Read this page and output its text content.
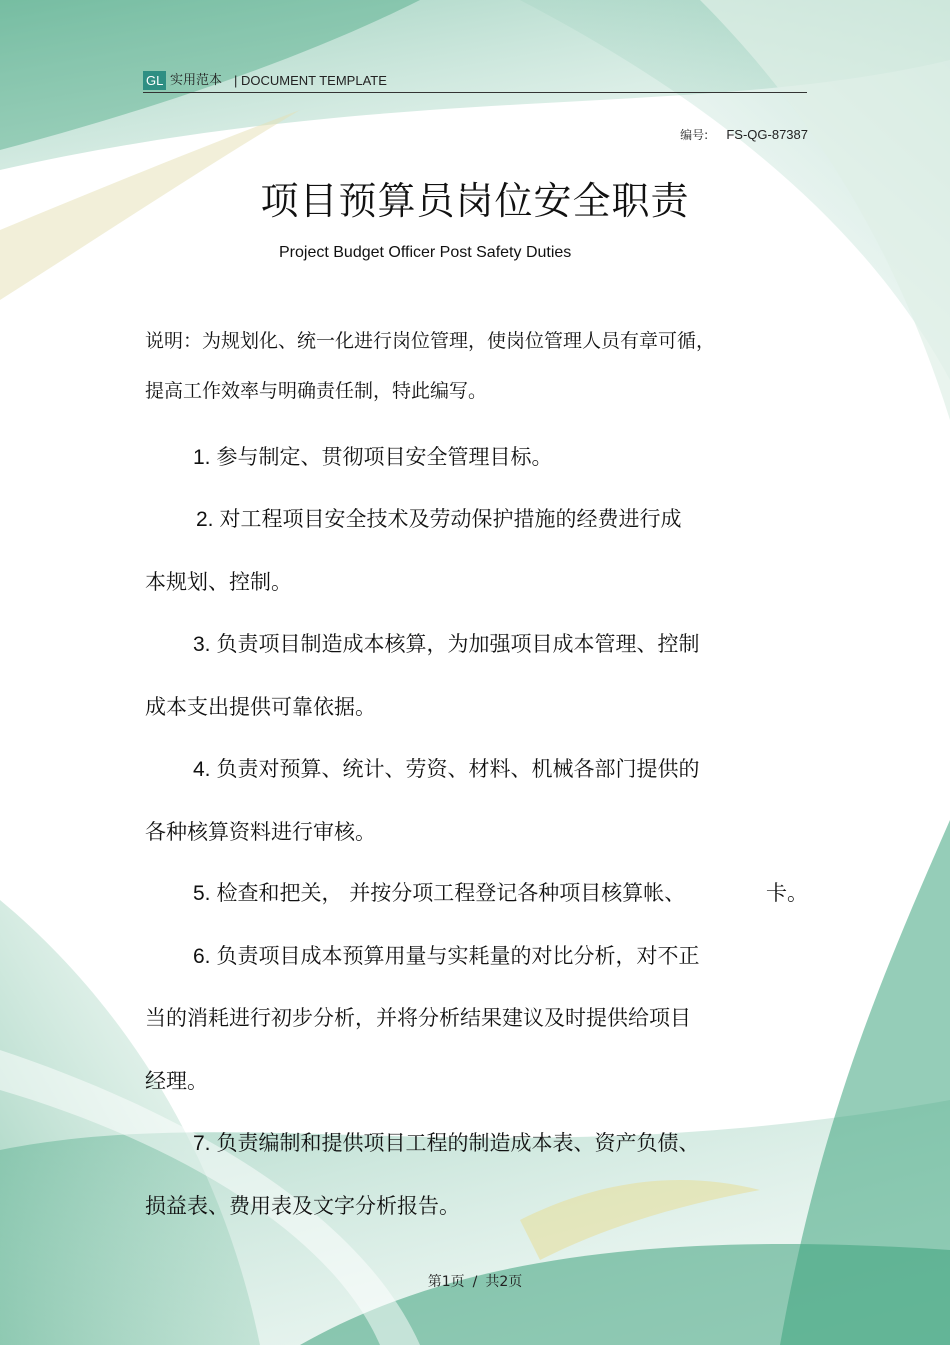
GL 实用范本 | DOCUMENT TEMPLATE
编号: FS-QG-87387
项目预算员岗位安全职责
Project Budget Officer Post Safety Duties
说明：为规划化、统一化进行岗位管理，使岗位管理人员有章可循，
提高工作效率与明确责任制，特此编写。
1. 参与制定、贯彻项目安全管理目标。
2. 对工程项目安全技术及劳动保护措施的经费进行成
本规划、控制。
3. 负责项目制造成本核算，为加强项目成本管理、控制
成本支出提供可靠依据。
4. 负责对预算、统计、劳资、材料、机械各部门提供的
各种核算资料进行审核。
5. 检查和把关， 并按分项工程登记各种项目核算帐、	卡。
6. 负责项目成本预算用量与实耗量的对比分析，对不正
当的消耗进行初步分析，并将分析结果建议及时提供给项目
经理。
7. 负责编制和提供项目工程的制造成本表、资产负债、
损益表、费用表及文字分析报告。
第1页 / 共2页
